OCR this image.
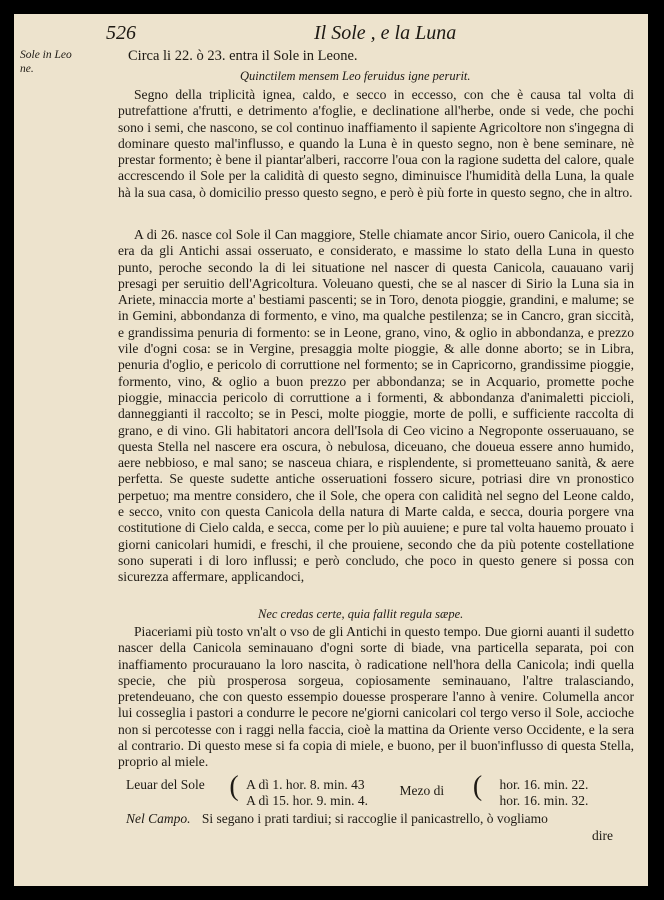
526	Il Sole , e la Luna
Sole in Leo ne.
Circa li 22. ò 23. entra il Sole in Leone.
Quinctilem mensem Leo feruidus igne perurit.

Segno della triplicità ignea, caldo, e secco in eccesso, con che è causa tal volta di putrefattione a'frutti, e detrimento a'foglie, e declinatione all'herbe, onde si vede, che pochi sono i semi, che nascono, se col continuo inaffiamento il sapiente Agricoltore non s'ingegna di dominare questo mal'influsso, e quando la Luna è in questo segno, non è bene seminare, nè prestar formento; è bene il piantar'alberi, raccorre l'oua con la ragione sudetta del calore, quale accrescendo il Sole per la calidità di questo segno, diminuisce l'humidità della Luna, la quale hà la sua casa, ò domicilio presso questo segno, e però è più forte in questo segno, che in altro.

A di 26. nasce col Sole il Can maggiore, Stelle chiamate ancor Sirio, ouero Canicola, il che era da gli Antichi assai osseruato, e considerato, e massime lo stato della Luna in questo punto, peroche secondo la di lei situatione nel nascer di questa Canicola, cauauano varij presagi per seruitio dell'Agricoltura. Voleuano questi, che se al nascer di Sirio la Luna sia in Ariete, minaccia morte a' bestiami pascenti; se in Toro, denota pioggie, grandini, e malume; se in Gemini, abbondanza di formento, e vino, ma qualche pestilenza; se in Cancro, gran siccità, e grandissima penuria di formento: se in Leone, grano, vino, & oglio in abbondanza, e prezzo vile d'ogni cosa: se in Vergine, presaggia molte pioggie, & alle donne aborto; se in Libra, penuria d'oglio, e pericolo di corruttione nel formento; se in Capricorno, grandissime pioggie, formento, vino, & oglio a buon prezzo per abbondanza; se in Acquario, promette poche pioggie, minaccia pericolo di corruttione a i formenti, & abbondanza d'animaletti piccioli, danneggianti il raccolto; se in Pesci, molte pioggie, morte de polli, e sufficiente raccolta di grano, e di vino. Gli habitatori ancora dell'Isola di Ceo vicino a Negroponte osseruauano, se questa Stella nel nascere era oscura, ò nebulosa, diceuano, che doueua essere anno humido, aere nebbioso, e mal sano; se nasceua chiara, e risplendente, si prometteuano sanità, & aere perfetta. Se queste sudette antiche osseruationi fossero sicure, potriasi dire vn pronostico perpetuo; ma mentre considero, che il Sole, che opera con calidità nel segno del Leone caldo, e secco, vnito con questa Canicola della natura di Marte calda, e secca, douria porgere vna costitutione di Cielo calda, e secca, come per lo più auuiene; e pure tal volta hauemo prouato i giorni canicolari humidi, e freschi, il che prouiene, secondo che da più potente costellatione sono superati i di loro influssi; e però concludo, che poco in questo genere si possa con sicurezza affermare, applicandoci,

Nec credas certe, quia fallit regula sæpe.

Piaceriami più tosto vn'alt o vso de gli Antichi in questo tempo. Due giorni auanti il sudetto nascer della Canicola seminauano d'ogni sorte di biade, vna particella separata, poi con inaffiamento procurauano la loro nascita, ò radicatione nell'hora della Canicola; indi quella specie, che più prosperosa sorgeua, copiosamente seminauano, l'altre tralasciando, pretendeuano, che con questo essempio douesse prosperare l'anno à venire. Columella ancor lui cosseglia i pastori a condurre le pecore ne'giorni canicolari col tergo verso il Sole, accioche non si percotesse con i raggi nella faccia, cioè la mattina da Oriente verso Occidente, e la sera al contrario. Di questo mese si fa copia di miele, e buono, per il buon'influsso di questa Stella, proprio al miele.

Leuar del Sole ( A dì 1. hor. 8. min. 43
A dì 15. hor. 9. min. 4.
Mezo di ( hor. 16. min. 22.
hor. 16. min. 32.
Nel Campo. Si segano i prati tardiui; si raccoglie il panicastrello, ò vogliamo
dire
